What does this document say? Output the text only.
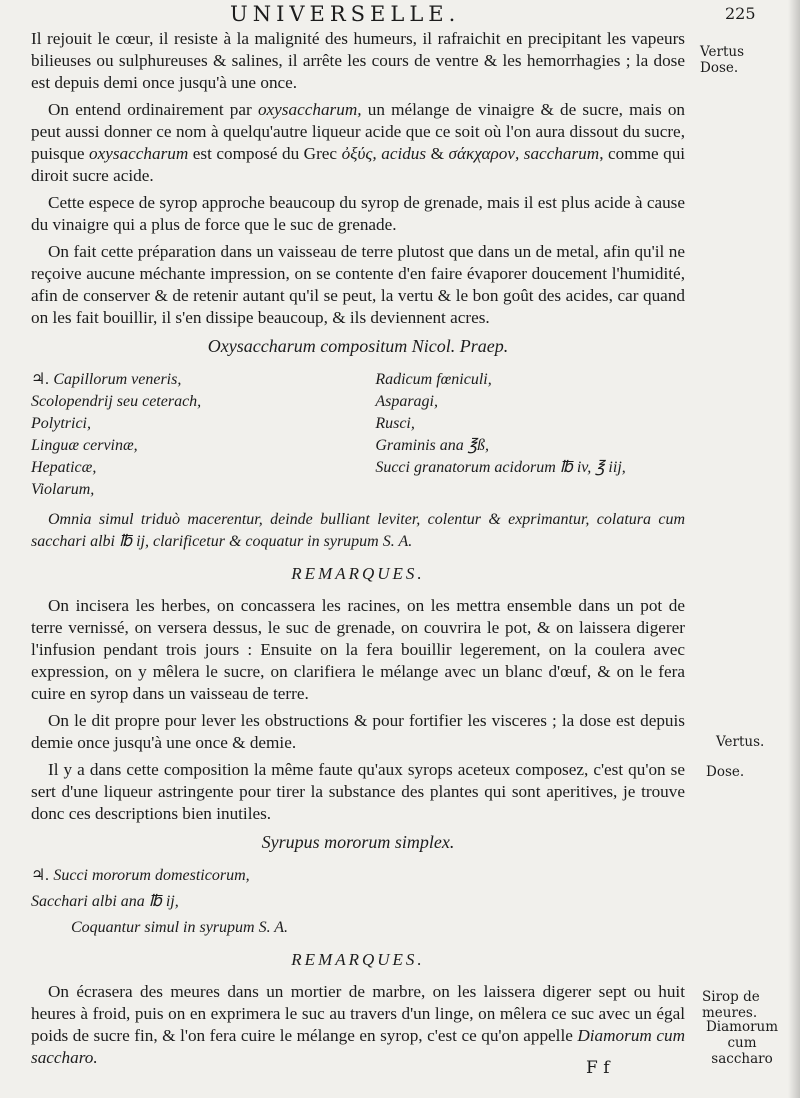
UNIVERSELLE.	225

Il rejouit le cœur, il resiste à la malignité des humeurs, il rafraichit en precipitant les vapeurs bilieuses ou sulphureuses & salines, il arrête les cours de ventre & les hemorrhagies ; la dose est depuis demi once jusqu'à une once.

On entend ordinairement par oxysaccharum, un mélange de vinaigre & de sucre, mais on peut aussi donner ce nom à quelqu'autre liqueur acide que ce soit où l'on aura dissout du sucre, puisque oxysaccharum est composé du Grec ὀξύς, acidus & σάκχαρον, saccharum, comme qui diroit sucre acide.

Cette espece de syrop approche beaucoup du syrop de grenade, mais il est plus acide à cause du vinaigre qui a plus de force que le suc de grenade.

On fait cette préparation dans un vaisseau de terre plutost que dans un de metal, afin qu'il ne reçoive aucune méchante impression, on se contente d'en faire évaporer doucement l'humidité, afin de conserver & de retenir autant qu'il se peut, la vertu & le bon goût des acides, car quand on les fait bouillir, il s'en dissipe beaucoup, & ils deviennent acres.

Oxysaccharum compositum Nicol. Praep.
♃. Capillorum veneris,
Scolopendrij seu ceterach,
Polytrici,
Linguæ cervinæ,
Hepaticæ,
Violarum,
Radicum fœniculi,
Asparagi,
Rusci,
Graminis ana ℥ß,
Succi granatorum acidorum ℔ iv, ℥ iij,

Omnia simul triduò macerentur, deinde bulliant leviter, colentur & exprimantur, colatura cum sacchari albi ℔ ij, clarificetur & coquatur in syrupum S. A.

REMARQUES.

On incisera les herbes, on concassera les racines, on les mettra ensemble dans un pot de terre vernissé, on versera dessus, le suc de grenade, on couvrira le pot, & on laissera digerer l'infusion pendant trois jours : Ensuite on la fera bouillir legerement, on la coulera avec expression, on y mêlera le sucre, on clarifiera le mélange avec un blanc d'œuf, & on le fera cuire en syrop dans un vaisseau de terre.

On le dit propre pour lever les obstructions & pour fortifier les visceres ; la dose est depuis demie once jusqu'à une once & demie.

Il y a dans cette composition la même faute qu'aux syrops aceteux composez, c'est qu'on se sert d'une liqueur astringente pour tirer la substance des plantes qui sont aperitives, je trouve donc ces descriptions bien inutiles.

Syrupus mororum simplex.
♃. Succi mororum domesticorum,
Sacchari albi ana ℔ ij,
Coquantur simul in syrupum S. A.
REMARQUES.

On écrasera des meures dans un mortier de marbre, on les laissera digerer sept ou huit heures à froid, puis on en exprimera le suc au travers d'un linge, on mêlera ce suc avec un égal poids de sucre fin, & l'on fera cuire le mélange en syrop, c'est ce qu'on appelle Diamorum cum saccharo.

Vertus Dose.
Vertus.
Dose.
Sirop de meures.
Diamorum cum saccharo
F f
